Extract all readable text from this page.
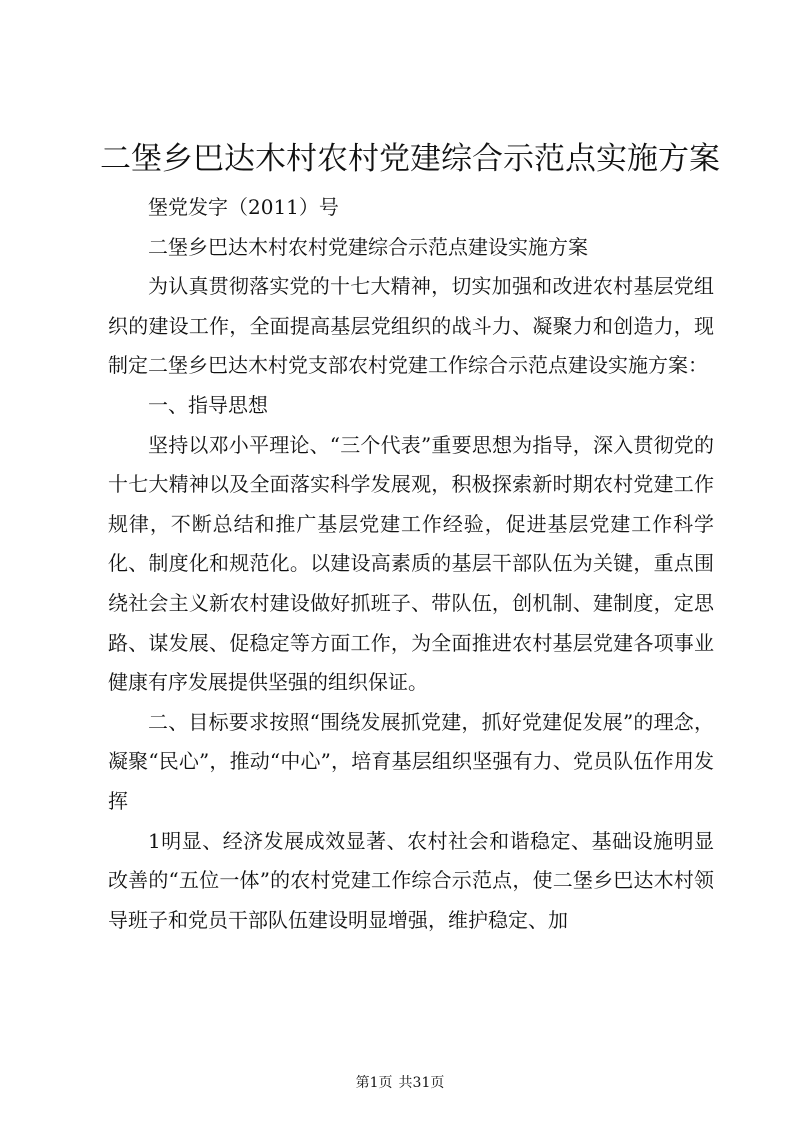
二堡乡巴达木村农村党建综合示范点实施方案

堡党发字（2011）号

二堡乡巴达木村农村党建综合示范点建设实施方案

为认真贯彻落实党的十七大精神，切实加强和改进农村基层党组织的建设工作，全面提高基层党组织的战斗力、凝聚力和创造力，现制定二堡乡巴达木村党支部农村党建工作综合示范点建设实施方案：

一、指导思想

坚持以邓小平理论、“三个代表”重要思想为指导，深入贯彻党的十七大精神以及全面落实科学发展观，积极探索新时期农村党建工作规律，不断总结和推广基层党建工作经验，促进基层党建工作科学化、制度化和规范化。以建设高素质的基层干部队伍为关键，重点围绕社会主义新农村建设做好抓班子、带队伍，创机制、建制度，定思路、谋发展、促稳定等方面工作，为全面推进农村基层党建各项事业健康有序发展提供坚强的组织保证。

二、目标要求按照“围绕发展抓党建，抓好党建促发展”的理念，凝聚“民心”，推动“中心”，培育基层组织坚强有力、党员队伍作用发挥

1明显、经济发展成效显著、农村社会和谐稳定、基础设施明显改善的“五位一体”的农村党建工作综合示范点，使二堡乡巴达木村领导班子和党员干部队伍建设明显增强，维护稳定、加

第1页 共31页
